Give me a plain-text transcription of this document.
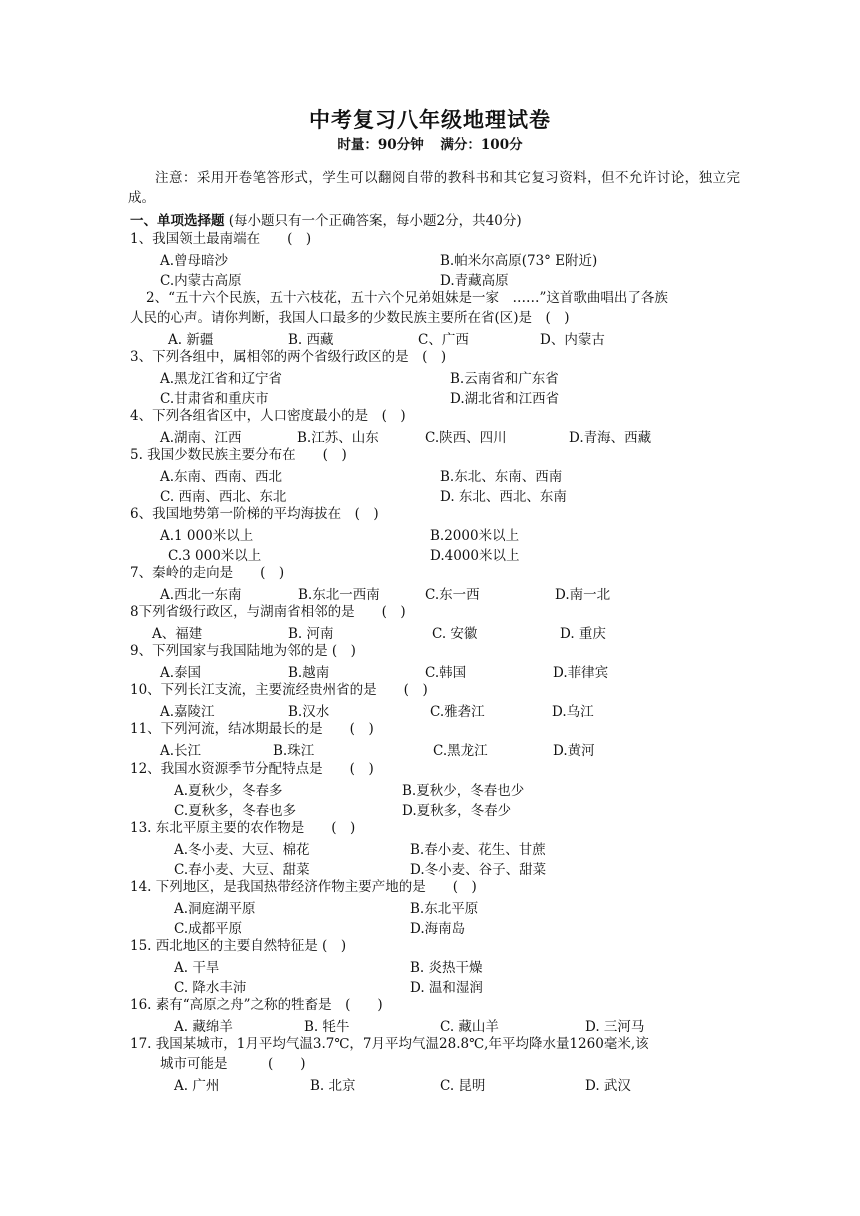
中考复习八年级地理试卷
时量：90分钟 满分：100分
注意：采用开卷笔答形式，学生可以翻阅自带的教科书和其它复习资料，但不允许讨论，独立完成。
一、单项选择题 (每小题只有一个正确答案，每小题2分，共40分)
1、我国领土最南端在　　(　)
A.曾母暗沙	B.帕米尔高原(73° E附近)
C.内蒙古高原	D.青藏高原
2、“五十六个民族，五十六枝花，五十六个兄弟姐妹是一家　……”这首歌曲唱出了各族
人民的心声。请你判断，我国人口最多的少数民族主要所在省(区)是　(　)
A. 新疆	B. 西藏	C、广西	D、内蒙古
3、下列各组中，属相邻的两个省级行政区的是　(　)
A.黑龙江省和辽宁省	B.云南省和广东省
C.甘肃省和重庆市	D.湖北省和江西省
4、下列各组省区中，人口密度最小的是　(　)
A.湖南、江西	B.江苏、山东	C.陕西、四川	D.青海、西藏
5. 我国少数民族主要分布在　　(　)
A.东南、西南、西北	B.东北、东南、西南
C. 西南、西北、东北	D. 东北、西北、东南
6、我国地势第一阶梯的平均海拔在　(　)
A.1 000米以上	B.2000米以上
C.3 000米以上	D.4000米以上
7、秦岭的走向是　　(　)
A.西北一东南	B.东北一西南	C.东一西	D.南一北
8下列省级行政区，与湖南省相邻的是　　(　)
A、福建	B. 河南	C. 安徽	D. 重庆
9、下列国家与我国陆地为邻的是 (　)
A.泰国	B.越南	C.韩国	D.菲律宾
10、下列长江支流，主要流经贵州省的是　　(　)
A.嘉陵江	B.汉水	C.雅砻江	D.乌江
11、下列河流，结冰期最长的是　　(　)
A.长江	B.珠江	C.黑龙江	D.黄河
12、我国水资源季节分配特点是　　(　)
A.夏秋少，冬春多	B.夏秋少，冬春也少
C.夏秋多，冬春也多	D.夏秋多，冬春少
13. 东北平原主要的农作物是　　(　)
A.冬小麦、大豆、棉花	B.春小麦、花生、甘蔗
C.春小麦、大豆、甜菜	D.冬小麦、谷子、甜菜
14. 下列地区，是我国热带经济作物主要产地的是　　(　)
A.洞庭湖平原	B.东北平原
C.成都平原	D.海南岛
15. 西北地区的主要自然特征是 (　)
A. 干旱	B. 炎热干燥
C. 降水丰沛	D. 温和湿润
16. 素有“高原之舟”之称的牲畜是　(　　)
A. 藏绵羊	B. 牦牛	C. 藏山羊	D. 三河马
17. 我国某城市，1月平均气温3.7℃，7月平均气温28.8℃,年平均降水量1260毫米,该
城市可能是　　　(　　)
A. 广州	B. 北京	C. 昆明	D. 武汉
